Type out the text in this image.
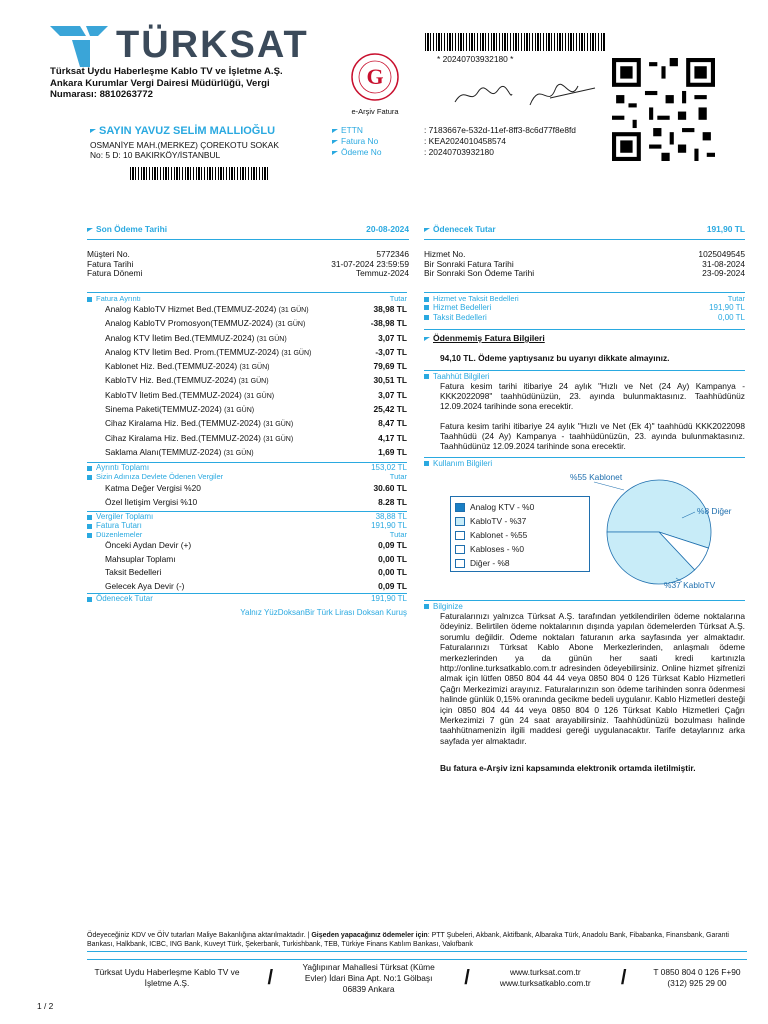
TÜRKSAT
Türksat Uydu Haberleşme Kablo TV ve İşletme A.Ş.
Ankara Kurumlar Vergi Dairesi Müdürlüğü, Vergi
Numarası: 8810263772
G
e-Arşiv Fatura
* 20240703932180 *
SAYIN YAVUZ SELİM MALLIOĞLU
OSMANİYE MAH.(MERKEZ) ÇOREKOTU SOKAK
No: 5 D: 10 BAKIRKÖY/İSTANBUL
ETTN	: 7183667e-532d-11ef-8ff3-8c6d77f8e8fd
Fatura No	: KEA2024010458574
Ödeme No	: 20240703932180
Son Ödeme Tarihi	20-08-2024
Müşteri No.	5772346
Fatura Tarihi	31-07-2024 23:59:59
Fatura Dönemi	Temmuz-2024
Ödenecek Tutar	191,90 TL
Hizmet No.	1025049545
Bir Sonraki Fatura Tarihi	31-08-2024
Bir Sonraki Son Ödeme Tarihi	23-09-2024
Fatura Ayrıntı	Tutar
Analog KabloTV Hizmet Bed.(TEMMUZ-2024) (31 GÜN)	38,98 TL
Analog KabloTV Promosyon(TEMMUZ-2024) (31 GÜN)	-38,98 TL
Analog KTV İletim Bed.(TEMMUZ-2024) (31 GÜN)	3,07 TL
Analog KTV İletim Bed. Prom.(TEMMUZ-2024) (31 GÜN)	-3,07 TL
Kablonet Hiz. Bed.(TEMMUZ-2024) (31 GÜN)	79,69 TL
KabloTV Hiz. Bed.(TEMMUZ-2024) (31 GÜN)	30,51 TL
KabloTV İletim Bed.(TEMMUZ-2024) (31 GÜN)	3,07 TL
Sinema Paketi(TEMMUZ-2024) (31 GÜN)	25,42 TL
Cihaz Kiralama Hiz. Bed.(TEMMUZ-2024) (31 GÜN)	8,47 TL
Cihaz Kiralama Hiz. Bed.(TEMMUZ-2024) (31 GÜN)	4,17 TL
Saklama Alanı(TEMMUZ-2024) (31 GÜN)	1,69 TL
Ayrıntı Toplamı	153,02 TL
Sizin Adınıza Devlete Ödenen Vergiler	Tutar
Katma Değer Vergisi %20	30.60 TL
Özel İletişim Vergisi %10	8.28 TL
Vergiler Toplamı	38,88 TL
Fatura Tutarı	191,90 TL
Düzenlemeler	Tutar
Önceki Aydan Devir (+)	0,09 TL
Mahsuplar Toplamı	0,00 TL
Taksit Bedelleri	0,00 TL
Gelecek Aya Devir (-)	0,09 TL
Ödenecek Tutar	191,90 TL
Yalnız YüzDoksanBir Türk Lirası Doksan Kuruş
Hizmet ve Taksit Bedelleri	Tutar
Hizmet Bedelleri	191,90 TL
Taksit Bedelleri	0,00 TL
Ödenmemiş Fatura Bilgileri
94,10 TL. Ödeme yaptıysanız bu uyarıyı dikkate almayınız.
Taahhüt Bilgileri
Fatura kesim tarihi itibariye 24 aylık "Hızlı ve Net (24 Ay) Kampanya - KKK2022098" taahhüdünüzün, 23. ayında bulunmaktasınız. Taahhüdünüz 12.09.2024 tarihinde sona erecektir.
Fatura kesim tarihi itibariye 24 aylık "Hızlı ve Net (Ek 4)" taahhüdü KKK2022098 Taahhüdü (24 Ay) Kampanya - taahhüdünüzün, 23. ayında bulunmaktasınız. Taahhüdünüz 12.09.2024 tarihinde sona erecektir.
Kullanım Bilgileri
Analog KTV - %0
KabloTV - %37
Kablonet - %55
Kabloses - %0
Diğer - %8
%55 Kablonet
%8 Diğer
%37 KabloTV
Bilginize
Faturalarınızı yalnızca Türksat A.Ş. tarafından yetkilendirilen ödeme noktalarına ödeyiniz. Belirtilen ödeme noktalarının dışında yapılan ödemelerden Türksat A.Ş. sorumlu değildir. Ödeme noktaları faturanın arka sayfasında yer almaktadır. Faturalarınızı Türksat Kablo Abone Merkezlerinden, anlaşmalı ödeme merkezlerinden ya da günün her saati kredi kartınızla http://online.turksatkablo.com.tr adresinden ödeyebilirsiniz. Online hizmet şifrenizi almak için lütfen 0850 804 44 44 veya 0850 804 0 126 Türksat Kablo Hizmetleri Çağrı Merkezimizi arayınız. Faturalarınızın son ödeme tarihinden sonra ödenmesi halinde günlük 0,15% oranında gecikme bedeli uygulanır. Kablo Hizmetleri desteği için 0850 804 44 44 veya 0850 804 0 126 Türksat Kablo Hizmetleri Çağrı Merkezimizi 7 gün 24 saat arayabilirsiniz. Taahhüdünüzü bozulması halinde taahhütnamenizin ilgili maddesi gereği uygulanacaktır. Tarife detaylarınız arka sayfada yer almaktadır.
Bu fatura e-Arşiv izni kapsamında elektronik ortamda iletilmiştir.
Ödeyeceğiniz KDV ve ÖİV tutarları Maliye Bakanlığına aktarılmaktadır. | Gişeden yapacağınız ödemeler için: PTT Şubeleri, Akbank, Aktifbank, Albaraka Türk, Anadolu Bank, Fibabanka, Finansbank, Garanti Bankası, Halkbank, ICBC, ING Bank, Kuveyt Türk, Şekerbank, Turkishbank, TEB, Türkiye Finans Katılım Bankası, Vakıfbank
Türksat Uydu Haberleşme Kablo TV ve İşletme A.Ş.	/	Yağlıpınar Mahallesi Türksat (Küme Evler) İdari Bina Apt. No:1 Gölbaşı 06839 Ankara	/	www.turksat.com.tr www.turksatkablo.com.tr	/	T 0850 804 0 126 F+90 (312) 925 29 00
1 / 2
